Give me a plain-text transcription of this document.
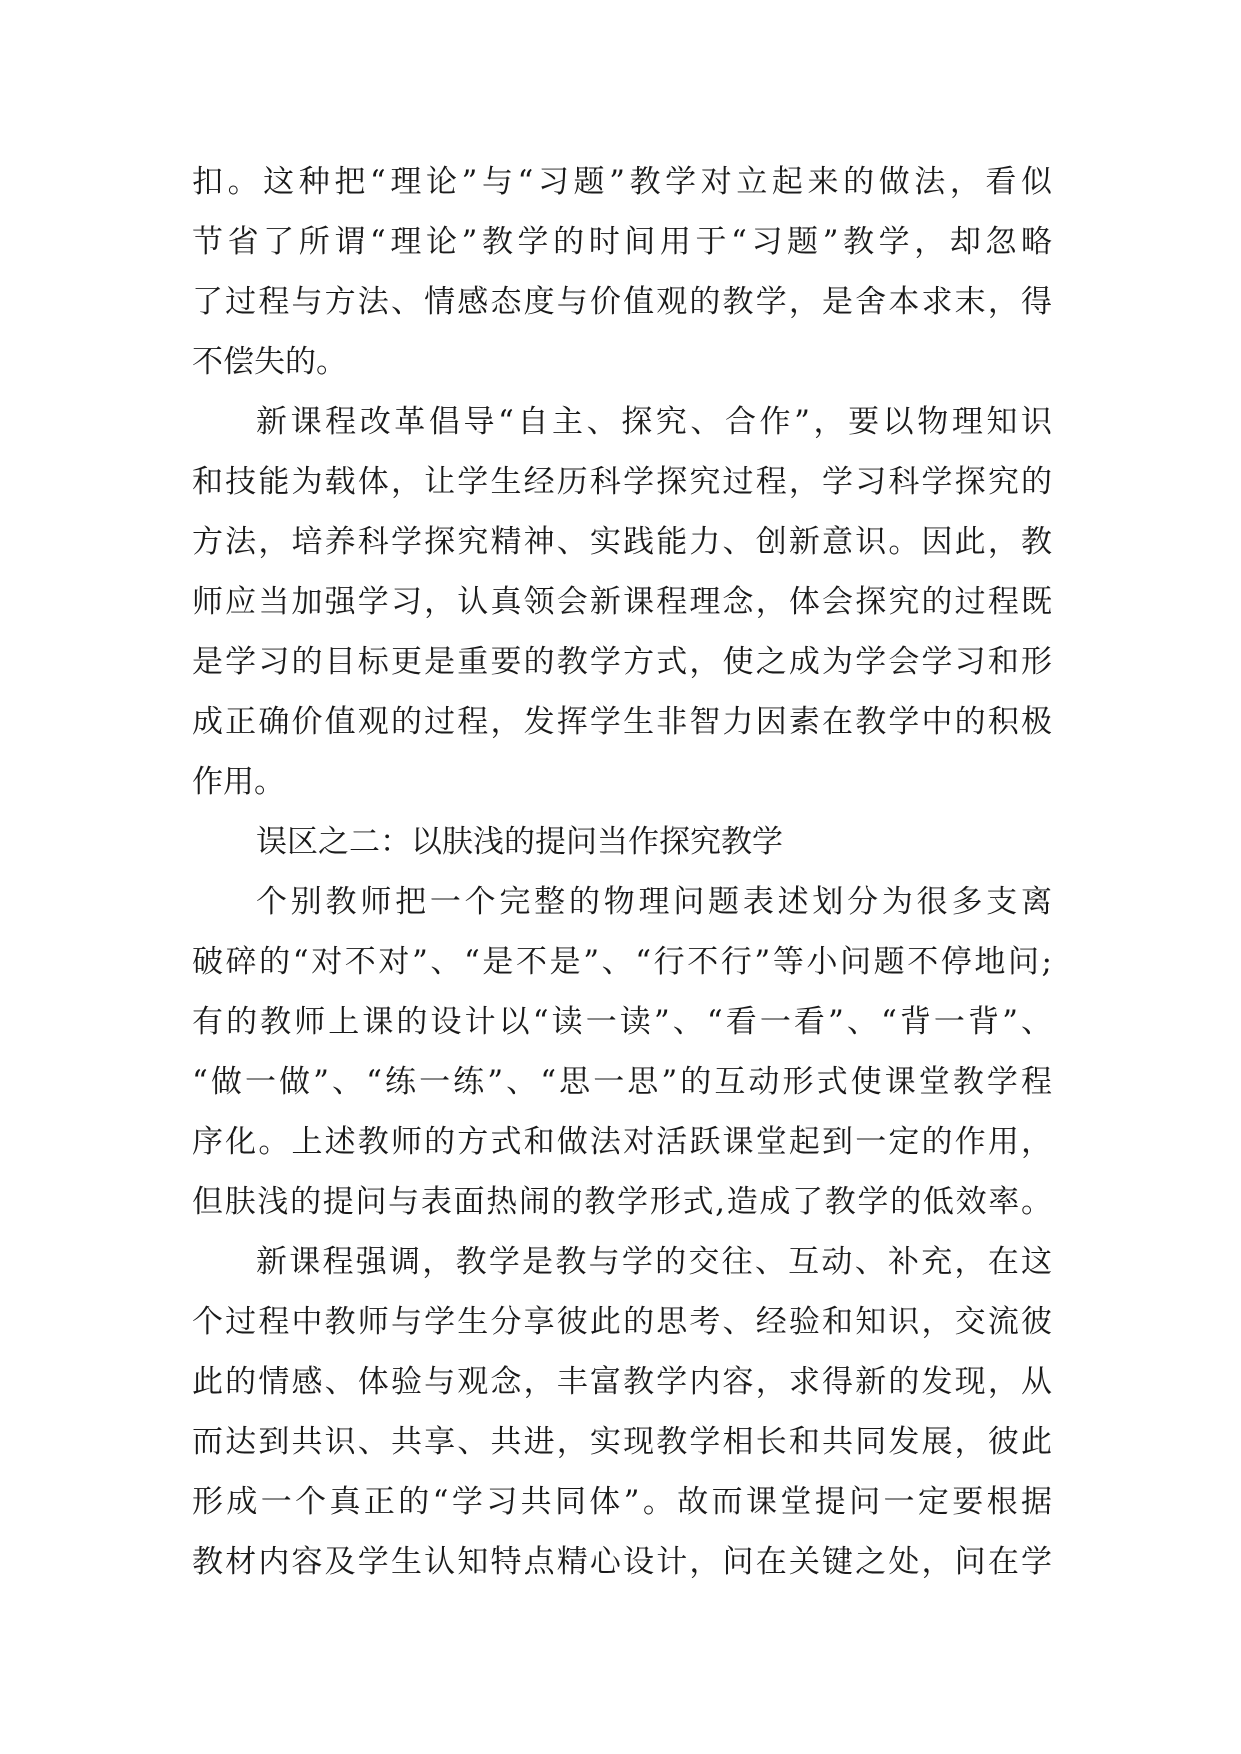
扣。这种把“理论”与“习题”教学对立起来的做法，看似
节省了所谓“理论”教学的时间用于“习题”教学，却忽略
了过程与方法、情感态度与价值观的教学，是舍本求末，得
不偿失的。
新课程改革倡导“自主、探究、合作”，要以物理知识
和技能为载体，让学生经历科学探究过程，学习科学探究的
方法，培养科学探究精神、实践能力、创新意识。因此，教
师应当加强学习，认真领会新课程理念，体会探究的过程既
是学习的目标更是重要的教学方式，使之成为学会学习和形
成正确价值观的过程，发挥学生非智力因素在教学中的积极
作用。
误区之二：以肤浅的提问当作探究教学
个别教师把一个完整的物理问题表述划分为很多支离
破碎的“对不对”、“是不是”、“行不行”等小问题不停地问;
有的教师上课的设计以“读一读”、“看一看”、“背一背”、
“做一做”、“练一练”、“思一思”的互动形式使课堂教学程
序化。上述教师的方式和做法对活跃课堂起到一定的作用，
但肤浅的提问与表面热闹的教学形式,造成了教学的低效率。
新课程强调，教学是教与学的交往、互动、补充，在这
个过程中教师与学生分享彼此的思考、经验和知识，交流彼
此的情感、体验与观念，丰富教学内容，求得新的发现，从
而达到共识、共享、共进，实现教学相长和共同发展，彼此
形成一个真正的“学习共同体”。故而课堂提问一定要根据
教材内容及学生认知特点精心设计，问在关键之处，问在学
